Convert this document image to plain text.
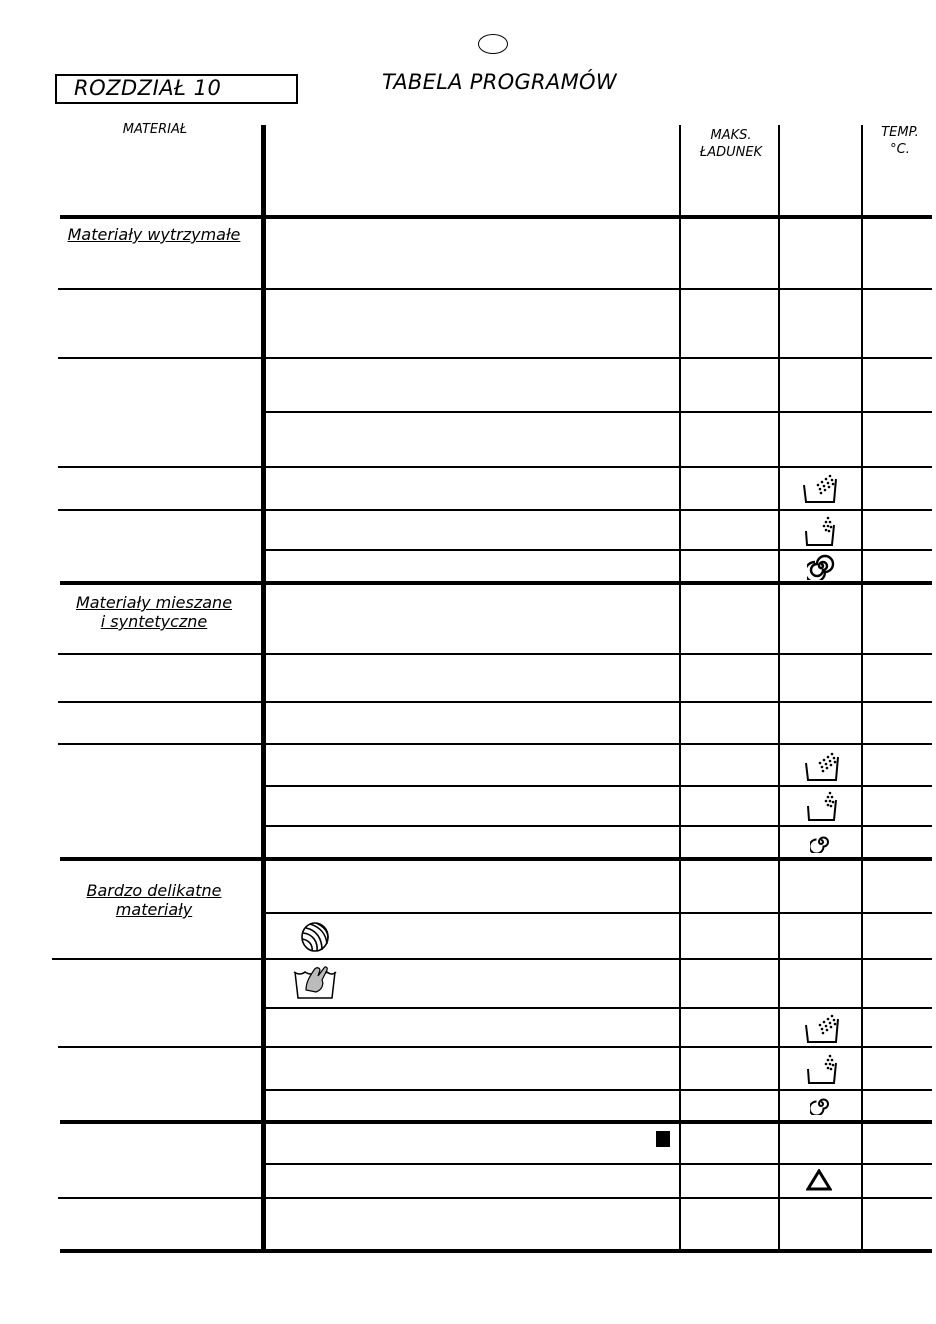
ROZDZIAŁ 10	TABELA PROGRAMÓW
MATERIAŁ	MAKS.
ŁADUNEK
TEMP.
°C.
Materiały wytrzymałe
Materiały mieszane
i syntetyczne
Bardzo delikatne
materiały
